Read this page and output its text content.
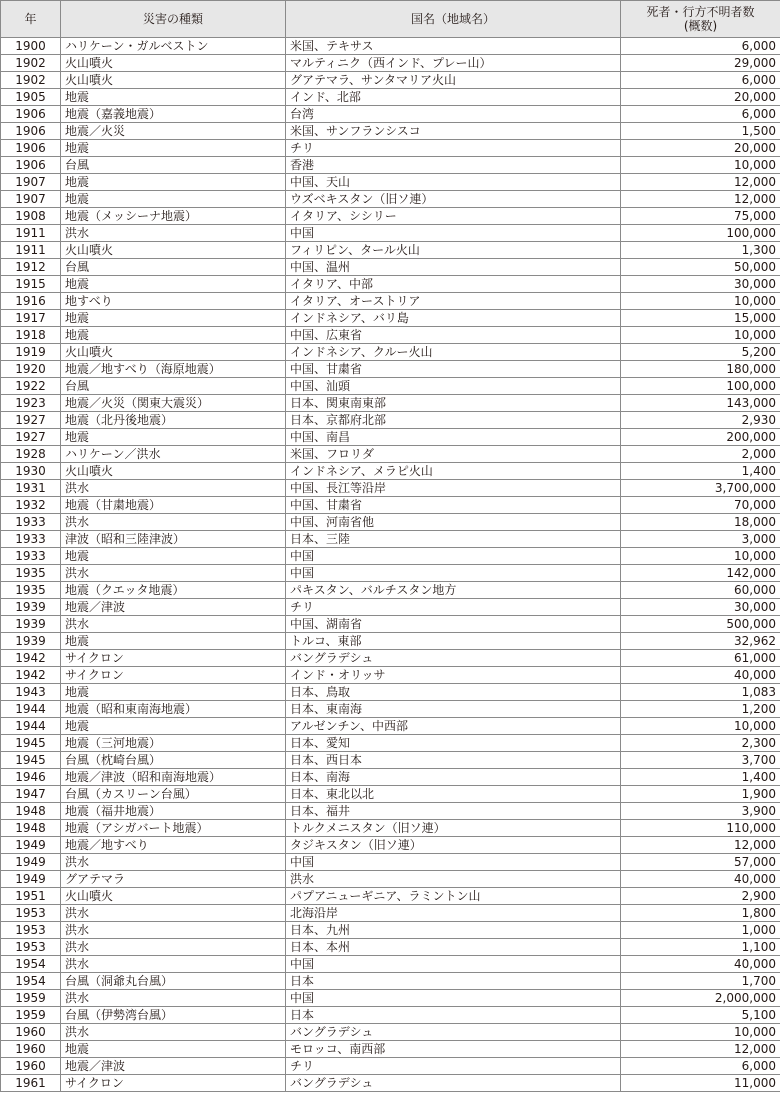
年	災害の種類	国名（地域名）	死者・行方不明者数
(概数)
1900	ハリケーン・ガルベストン	米国、テキサス	6,000
1902	火山噴火	マルティニク（西インド、プレー山）	29,000
1902	火山噴火	グアテマラ、サンタマリア火山	6,000
1905	地震	インド、北部	20,000
1906	地震（嘉義地震）	台湾	6,000
1906	地震／火災	米国、サンフランシスコ	1,500
1906	地震	チリ	20,000
1906	台風	香港	10,000
1907	地震	中国、天山	12,000
1907	地震	ウズベキスタン（旧ソ連）	12,000
1908	地震（メッシーナ地震）	イタリア、シシリー	75,000
1911	洪水	中国	100,000
1911	火山噴火	フィリピン、タール火山	1,300
1912	台風	中国、温州	50,000
1915	地震	イタリア、中部	30,000
1916	地すべり	イタリア、オーストリア	10,000
1917	地震	インドネシア、バリ島	15,000
1918	地震	中国、広東省	10,000
1919	火山噴火	インドネシア、クルー火山	5,200
1920	地震／地すべり（海原地震）	中国、甘粛省	180,000
1922	台風	中国、汕頭	100,000
1923	地震／火災（関東大震災）	日本、関東南東部	143,000
1927	地震（北丹後地震）	日本、京都府北部	2,930
1927	地震	中国、南昌	200,000
1928	ハリケーン／洪水	米国、フロリダ	2,000
1930	火山噴火	インドネシア、メラピ火山	1,400
1931	洪水	中国、長江等沿岸	3,700,000
1932	地震（甘粛地震）	中国、甘粛省	70,000
1933	洪水	中国、河南省他	18,000
1933	津波（昭和三陸津波）	日本、三陸	3,000
1933	地震	中国	10,000
1935	洪水	中国	142,000
1935	地震（クエッタ地震）	パキスタン、バルチスタン地方	60,000
1939	地震／津波	チリ	30,000
1939	洪水	中国、湖南省	500,000
1939	地震	トルコ、東部	32,962
1942	サイクロン	バングラデシュ	61,000
1942	サイクロン	インド・オリッサ	40,000
1943	地震	日本、鳥取	1,083
1944	地震（昭和東南海地震）	日本、東南海	1,200
1944	地震	アルゼンチン、中西部	10,000
1945	地震（三河地震）	日本、愛知	2,300
1945	台風（枕崎台風）	日本、西日本	3,700
1946	地震／津波（昭和南海地震）	日本、南海	1,400
1947	台風（カスリーン台風）	日本、東北以北	1,900
1948	地震（福井地震）	日本、福井	3,900
1948	地震（アシガバート地震）	トルクメニスタン（旧ソ連）	110,000
1949	地震／地すべり	タジキスタン（旧ソ連）	12,000
1949	洪水	中国	57,000
1949	グアテマラ	洪水	40,000
1951	火山噴火	パプアニューギニア、ラミントン山	2,900
1953	洪水	北海沿岸	1,800
1953	洪水	日本、九州	1,000
1953	洪水	日本、本州	1,100
1954	洪水	中国	40,000
1954	台風（洞爺丸台風）	日本	1,700
1959	洪水	中国	2,000,000
1959	台風（伊勢湾台風）	日本	5,100
1960	洪水	バングラデシュ	10,000
1960	地震	モロッコ、南西部	12,000
1960	地震／津波	チリ	6,000
1961	サイクロン	バングラデシュ	11,000
